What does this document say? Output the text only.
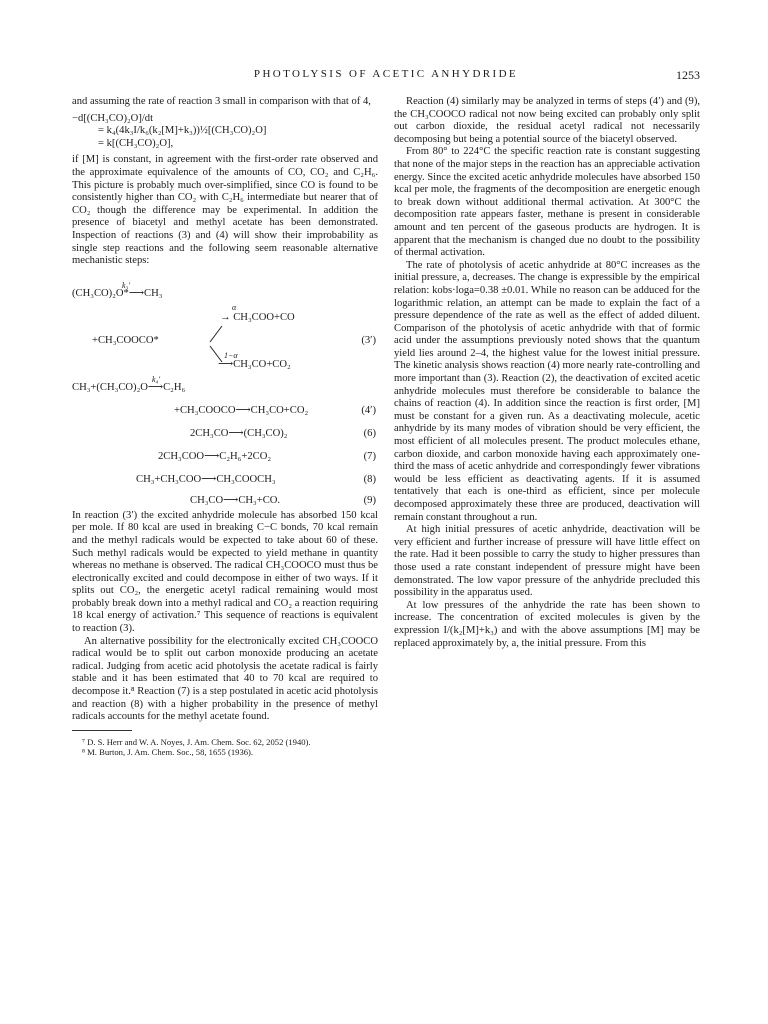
PHOTOLYSIS OF ACETIC ANHYDRIDE	1253

and assuming the rate of reaction 3 small in comparison with that of 4,

−d[(CH₃CO)₂O]/dt
= k₄(4k₃I/k₆(k₂[M]+k₃))½[(CH₃CO)₂O]
= k[(CH₃CO)₂O],

if [M] is constant, in agreement with the first-order rate observed and the approximate equivalence of the amounts of CO, CO₂ and C₂H₆. This picture is probably much over-simplified, since CO is found to be consistently higher than CO₂ with C₂H₆ intermediate but nearer that of CO₂ though the difference may be experimental. In addition the presence of biacetyl and methyl acetate has been demonstrated. Inspection of reactions (3) and (4) will show their improbability as single step reactions and the following seem reasonable alternative mechanistic steps:

k₃′
(CH₃CO)₂O*⟶CH₃
α
→ CH₃COO+CO
+CH₃COOCO*	(3′)
1−α
⟶CH₃CO+CO₂
k₄′
CH₃+(CH₃CO)₂O⟶C₂H₆
+CH₃COOCO⟶CH₃CO+CO₂	(4′)
2CH₃CO⟶(CH₃CO)₂	(6)
2CH₃COO⟶C₂H₆+2CO₂	(7)
CH₃+CH₃COO⟶CH₃COOCH₃	(8)
CH₃CO⟶CH₃+CO.	(9)

In reaction (3′) the excited anhydride molecule has absorbed 150 kcal per mole. If 80 kcal are used in breaking C−C bonds, 70 kcal remain and the methyl radicals would be expected to take about 60 of these. Such methyl radicals would be expected to yield methane in quantity whereas no methane is observed. The radical CH₃COOCO must thus be electronically excited and could decompose in either of two ways. If it splits out CO₂, the energetic acetyl radical remaining would most probably break down into a methyl radical and CO₂ a reaction requiring 18 kcal energy of activation.⁷ This sequence of reactions is equivalent to reaction (3).

An alternative possibility for the electronically excited CH₃COOCO radical would be to split out carbon monoxide producing an acetate radical. Judging from acetic acid photolysis the acetate radical is fairly stable and it has been estimated that 40 to 70 kcal are required to decompose it.⁸ Reaction (7) is a step postulated in acetic acid photolysis and reaction (8) with a higher probability in the presence of methyl radicals accounts for the methyl acetate found.

⁷ D. S. Herr and W. A. Noyes, J. Am. Chem. Soc. 62, 2052 (1940).

⁸ M. Burton, J. Am. Chem. Soc., 58, 1655 (1936).

Reaction (4) similarly may be analyzed in terms of steps (4′) and (9), the CH₃COOCO radical not now being excited can probably only split out carbon dioxide, the residual acetyl radical not necessarily decomposing but being a potential source of the biacetyl observed.

From 80° to 224°C the specific reaction rate is constant suggesting that none of the major steps in the reaction has an appreciable activation energy. Since the excited acetic anhydride molecules have absorbed 150 kcal per mole, the fragments of the decomposition are energetic enough to break down without additional thermal activation. At 300°C the decomposition rate appears faster, methane is present in considerable amount and ten percent of the gaseous products are hydrogen. It is apparent that the mechanism is changed due no doubt to the possibility of thermal activation.

The rate of photolysis of acetic anhydride at 80°C increases as the initial pressure, a, decreases. The change is expressible by the empirical relation: kobs·loga=0.38 ±0.01. While no reason can be adduced for the logarithmic relation, an attempt can be made to explain the fact of a pressure dependence of the rate as well as the effect of added diluent. Comparison of the photolysis of acetic anhydride with that of formic acid under the assumptions previously noted shows that the quantum yield lies around 2–4, the highest value for the lowest initial pressure. The kinetic analysis shows reaction (4) more nearly rate-controlling and more important than (3). Reaction (2), the deactivation of excited acetic anhydride molecules must therefore be considerable to balance the chains of reaction (4). In addition since the reaction is first order, [M] must be constant for a given run. As a deactivating molecule, acetic anhydride by its many modes of vibration should be very efficient, the most efficient of all molecules present. The product molecules ethane, carbon dioxide, and carbon monoxide having each approximately one-third the mass of acetic anhydride and correspondingly fewer vibrations would be less efficient as deactivating agents. If it is assumed tentatively that each is one-third as efficient, since per molecule decomposed approximately these three are produced, deactivation will remain constant throughout a run.

At high initial pressures of acetic anhydride, deactivation will be very efficient and further increase of pressure will have little effect on the rate. Had it been possible to carry the study to higher pressures than those used a rate constant independent of pressure might have been demonstrated. The low vapor pressure of the anhydride precluded this possibility in the apparatus used.

At low pressures of the anhydride the rate has been shown to increase. The concentration of excited molecules is given by the expression I/(k₂[M]+k₃) and with the above assumptions [M] may be replaced approximately by, a, the initial pressure. From this
